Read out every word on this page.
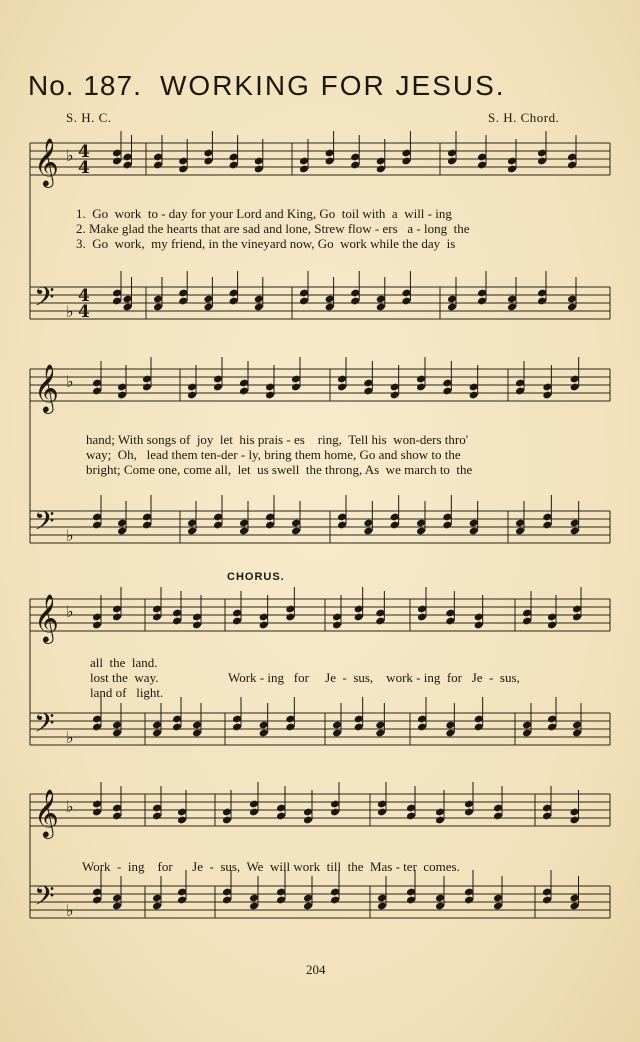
No. 187. WORKING FOR JESUS.
S. H. C.	S. H. Chord.
𝄞
𝄢
♭
♭
𝄞
𝄢
♭
♭
𝄞
𝄢
♭
♭
𝄞
𝄢
♭
♭
4
4
4
4
1.  Go  work  to - day for your Lord and King, Go  toil with  a  will - ing
2. Make glad the hearts that are sad and lone, Strew flow - ers   a - long  the
3.  Go  work,  my friend, in the vineyard now, Go  work while the day  is
hand; With songs of  joy  let  his prais - es    ring,  Tell his  won-ders thro'
way;  Oh,   lead them ten-der - ly, bring them home, Go and show to the
bright; Come one, come all,  let  us swell  the throng, As  we march to  the
CHORUS.
all  the  land.
lost the  way.
land of   light.
Work - ing   for     Je  -  sus,    work - ing  for   Je  -  sus,
Work  -  ing    for      Je  -  sus,  We  will work  till  the  Mas - ter  comes.
204
